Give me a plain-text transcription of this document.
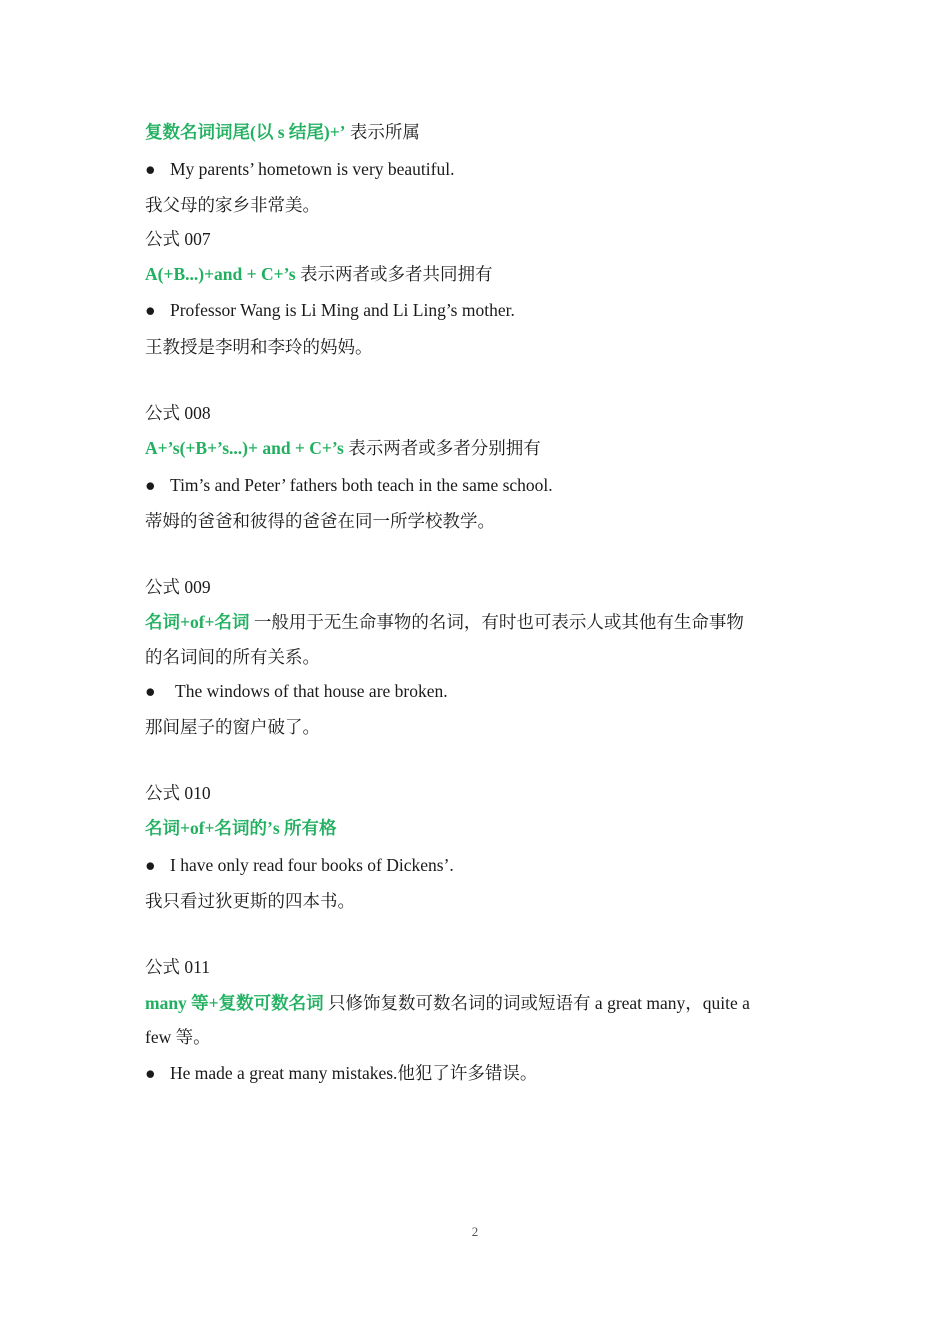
复数名词词尾(以 s 结尾)+’ 表示所属
● My parents’ hometown is very beautiful.
我父母的家乡非常美。
公式 007
A(+B...)+and + C+’s 表示两者或多者共同拥有
● Professor Wang is Li Ming and Li Ling’s mother.
王教授是李明和李玲的妈妈。
公式 008
A+’s(+B+’s...)+ and + C+’s 表示两者或多者分别拥有
● Tim’s and Peter’ fathers both teach in the same school.
蒂姆的爸爸和彼得的爸爸在同一所学校教学。
公式 009
名词+of+名词 一般用于无生命事物的名词，有时也可表示人或其他有生命事物
的名词间的所有关系。
● The windows of that house are broken.
那间屋子的窗户破了。
公式 010
名词+of+名词的’s 所有格
● I have only read four books of Dickens’.
我只看过狄更斯的四本书。
公式 011
many 等+复数可数名词 只修饰复数可数名词的词或短语有 a great many，quite a
few 等。
● He made a great many mistakes.他犯了许多错误。
2
